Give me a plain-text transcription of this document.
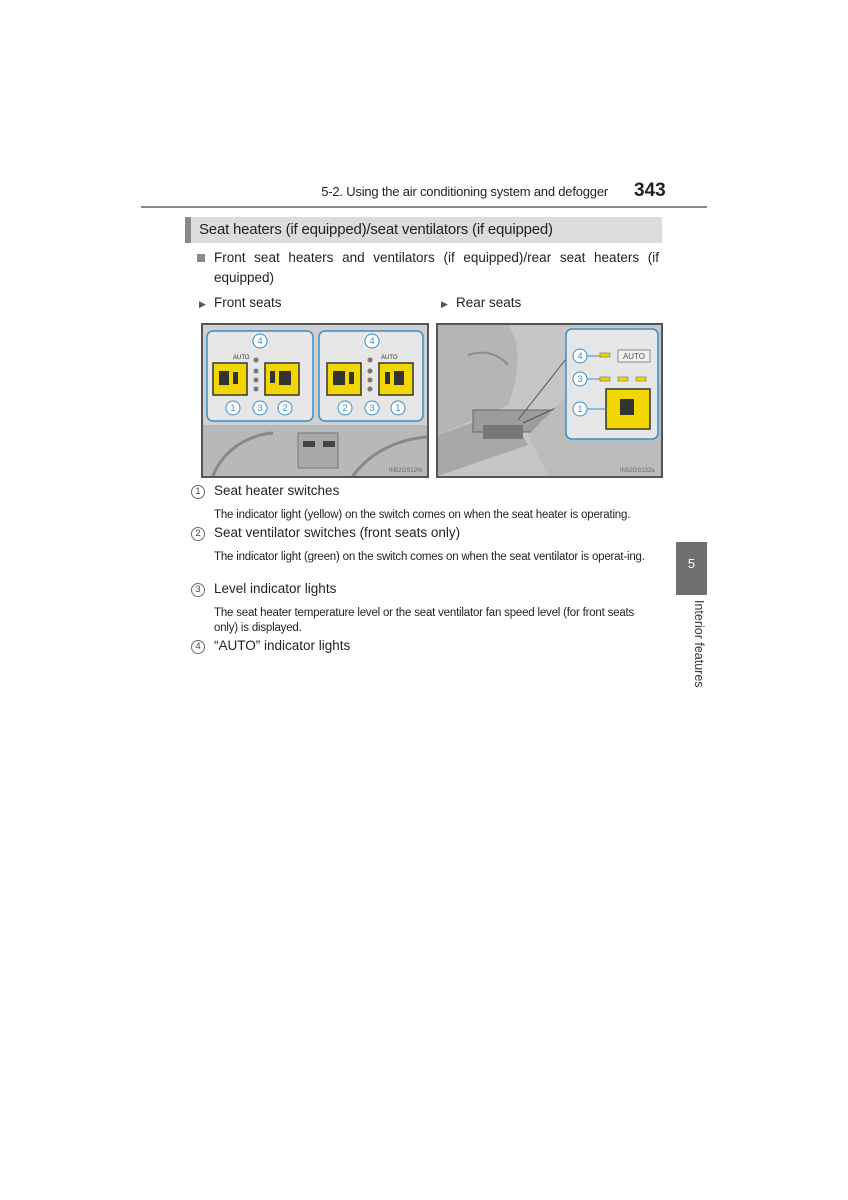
5-2. Using the air conditioning system and defogger 343
Seat heaters (if equipped)/seat ventilators (if equipped)
Front seat heaters and ventilators (if equipped)/rear seat heaters (if equipped)
▶ Front seats	▶ Rear seats
AUTO
4
1 3 2
AUTO
4
2 3 1
IN52GS12%
AUTO
4
3
1
IN52GS132a
1 Seat heater switches
The indicator light (yellow) on the switch comes on when the seat heater is operating.
2 Seat ventilator switches (front seats only)
The indicator light (green) on the switch comes on when the seat ventilator is operat-ing.
3 Level indicator lights
The seat heater temperature level or the seat ventilator fan speed level (for front seats only) is displayed.
4 “AUTO” indicator lights
5
Interior features
